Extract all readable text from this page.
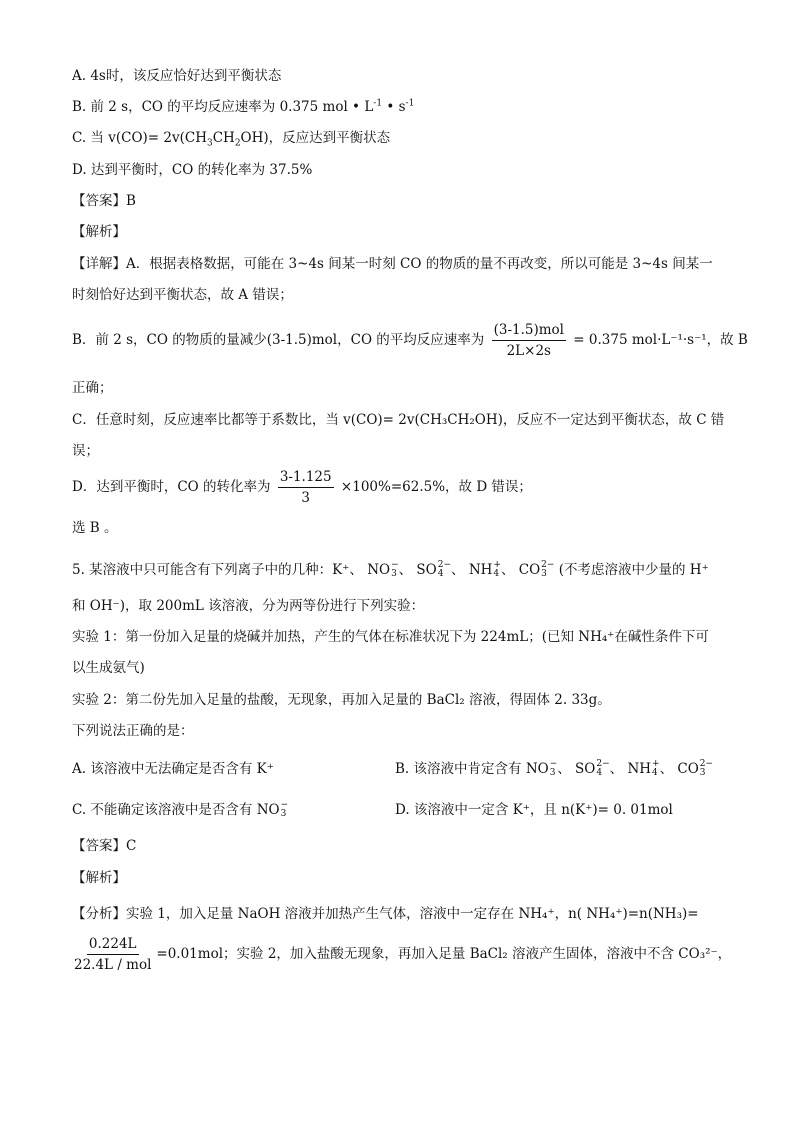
A. 4s时，该反应恰好达到平衡状态
B. 前 2 s，CO 的平均反应速率为 0.375 mol • $L^{-1}$ • $s^{-1}$
C. 当 $v(CO)= 2v(CH_3CH_2OH)$，反应达到平衡状态
D. 达到平衡时，CO 的转化率为 37.5%
【答案】B
【解析】
【详解】A．根据表格数据，可能在 3~4s 间某一时刻 CO 的物质的量不再改变，所以可能是 3~4s 间某一
时刻恰好达到平衡状态，故 A 错误；
B．前 2 s，CO 的物质的量减少(3-1.5)mol，CO 的平均反应速率为 $\frac{\text{(3-1.5)mol}}{2L\times 2s} = 0.375$ mol·L⁻¹·s⁻¹，故 B
正确；
C．任意时刻，反应速率比都等于系数比，当 v(CO)= 2v(CH₃CH₂OH)，反应不一定达到平衡状态，故 C 错
误；
D．达到平衡时，CO 的转化率为 $\frac{3-1.125}{3} \times 100\%=62.5\%$，故 D 错误；
选 B 。
5. 某溶液中只可能含有下列离子中的几种：K⁺、 NO −
3 、 SO 2−
4 、 NH +
4 、 CO 2−
3 (不考虑溶液中少量的 H⁺
和 OH⁻)，取 200mL 该溶液，分为两等份进行下列实验：
实验 1：第一份加入足量的烧碱并加热，产生的气体在标准状况下为 224mL；(已知 NH₄⁺在碱性条件下可
以生成氨气)
实验 2：第二份先加入足量的盐酸，无现象，再加入足量的 BaCl₂ 溶液，得固体 2. 33g。
下列说法正确的是：
A. 该溶液中无法确定是否含有 K⁺	B. 该溶液中肯定含有 NO −
3 、 SO 2−
4 、 NH +
4 、 CO 2−
3
C. 不能确定该溶液中是否含有 NO −
3	D. 该溶液中一定含 K⁺，且 n(K⁺)= 0. 01mol
【答案】C
【解析】
【分析】实验 1，加入足量 NaOH 溶液并加热产生气体，溶液中一定存在 NH₄⁺，n( NH₄⁺)=n(NH₃)=
$\frac{0.224L}{\text{22.4L / mol}} =0.01mol$；实验 2，加入盐酸无现象，再加入足量 BaCl₂ 溶液产生固体，溶液中不含 CO₃²⁻，
